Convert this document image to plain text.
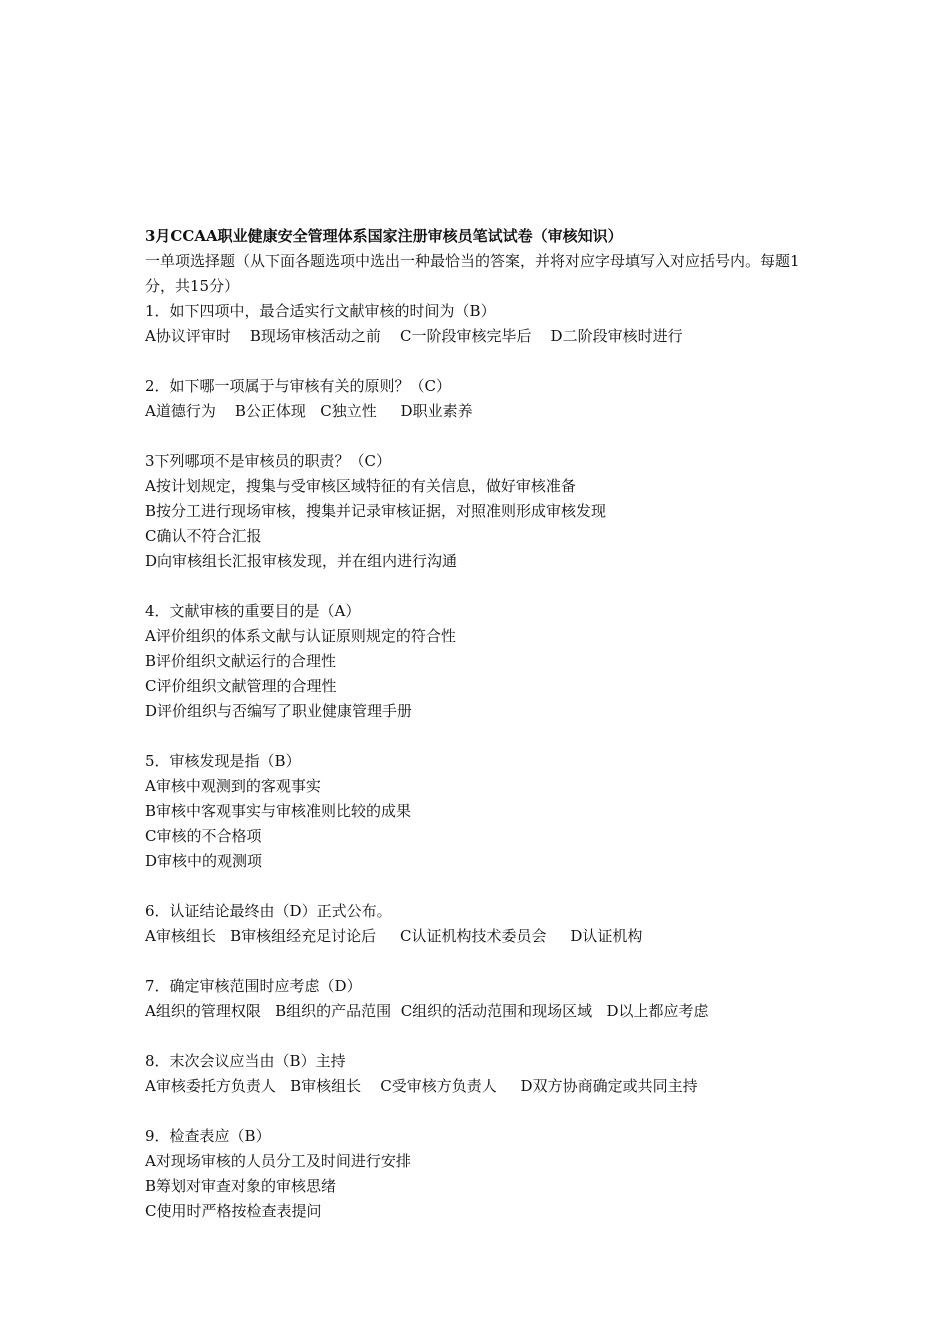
3月CCAA职业健康安全管理体系国家注册审核员笔试试卷（审核知识）
一单项选择题（从下面各题选项中选出一种最恰当的答案，并将对应字母填写入对应括号内。每题1分，共15分）
1．如下四项中，最合适实行文献审核的时间为（B）
A协议评审时    B现场审核活动之前    C一阶段审核完毕后    D二阶段审核时进行
2．如下哪一项属于与审核有关的原则？（C）
A道德行为    B公正体现   C独立性     D职业素养
3下列哪项不是审核员的职责？（C）
A按计划规定，搜集与受审核区域特征的有关信息，做好审核准备
B按分工进行现场审核，搜集并记录审核证据，对照准则形成审核发现
C确认不符合汇报
D向审核组长汇报审核发现，并在组内进行沟通
4．文献审核的重要目的是（A）
A评价组织的体系文献与认证原则规定的符合性
B评价组织文献运行的合理性
C评价组织文献管理的合理性
D评价组织与否编写了职业健康管理手册
5．审核发现是指（B）
A审核中观测到的客观事实
B审核中客观事实与审核准则比较的成果
C审核的不合格项
D审核中的观测项
6．认证结论最终由（D）正式公布。
A审核组长   B审核组经充足讨论后     C认证机构技术委员会     D认证机构
7．确定审核范围时应考虑（D）
A组织的管理权限   B组织的产品范围  C组织的活动范围和现场区域   D以上都应考虑
8．末次会议应当由（B）主持
A审核委托方负责人   B审核组长    C受审核方负责人     D双方协商确定或共同主持
9．检查表应（B）
A对现场审核的人员分工及时间进行安排
B筹划对审查对象的审核思绪
C使用时严格按检查表提问
